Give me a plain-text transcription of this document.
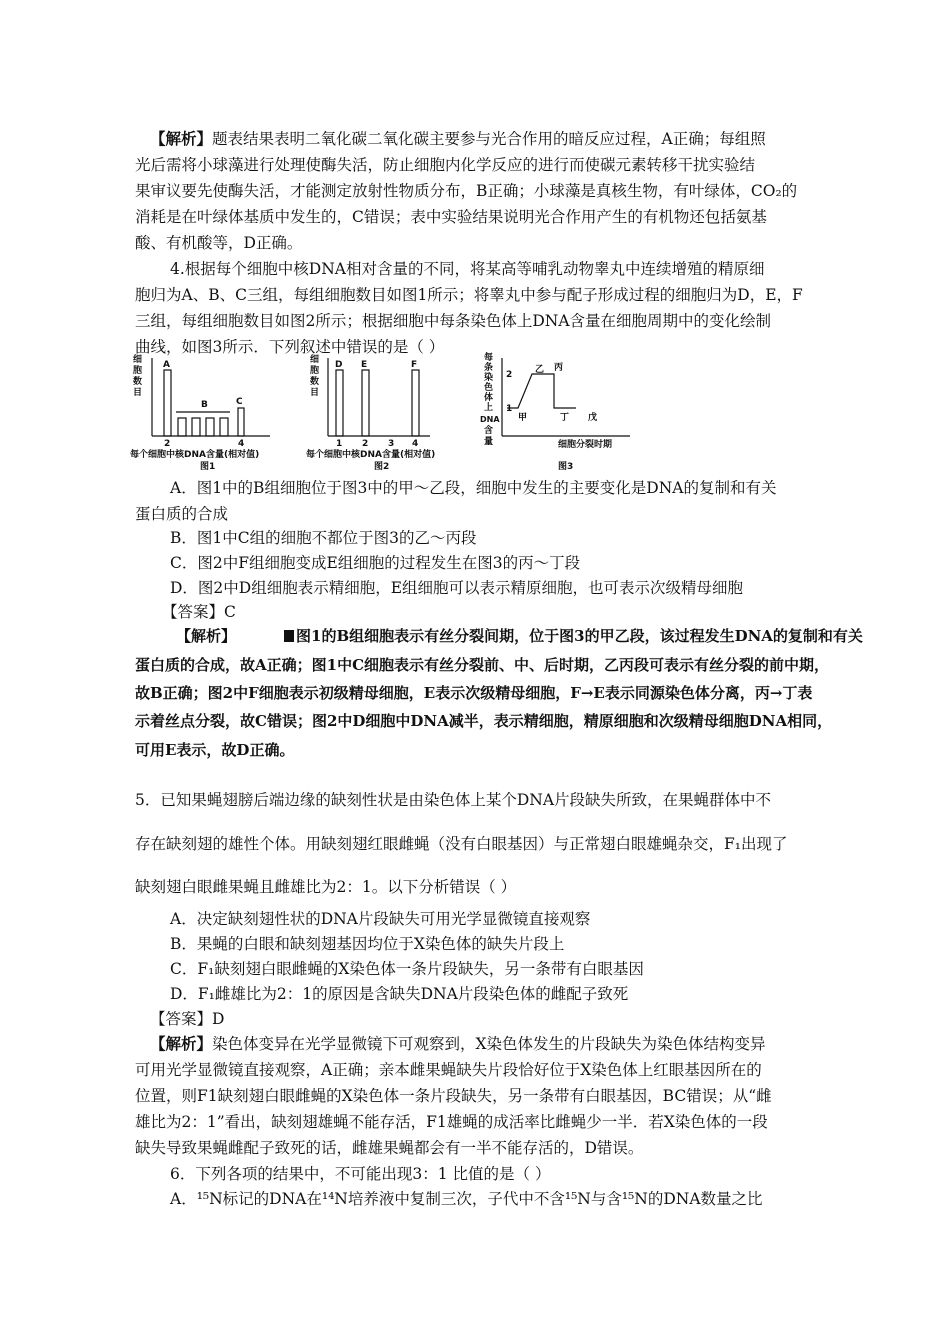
【解析】题表结果表明二氧化碳二氧化碳主要参与光合作用的暗反应过程，A正确；每组照
光后需将小球藻进行处理使酶失活，防止细胞内化学反应的进行而使碳元素转移干扰实验结
果审议要先使酶失活，才能测定放射性物质分布，B正确；小球藻是真核生物，有叶绿体，CO₂的
消耗是在叶绿体基质中发生的，C错误；表中实验结果说明光合作用产生的有机物还包括氨基
酸、有机酸等，D正确。
4.根据每个细胞中核DNA相对含量的不同，将某高等哺乳动物睾丸中连续增殖的精原细
胞归为A、B、C三组，每组细胞数目如图1所示；将睾丸中参与配子形成过程的细胞归为D，E，F
三组，每组细胞数目如图2所示；根据细胞中每条染色体上DNA含量在细胞周期中的变化绘制
曲线，如图3所示．下列叙述中错误的是（ ）
细
胞
数
目
A
B	C
2	4
每个细胞中核DNA含量(相对值)
图1
细
胞
数
目
D E	F
1 2 3 4
每个细胞中核DNA含量(相对值)
图2
每
条
染
色
体
上
DNA
含
量
2
1
甲
乙 丙
丁 戊
细胞分裂时期
图3
A．图1中的B组细胞位于图3中的甲～乙段，细胞中发生的主要变化是DNA的复制和有关
蛋白质的合成
B．图1中C组的细胞不都位于图3的乙～丙段
C．图2中F组细胞变成E组细胞的过程发生在图3的丙～丁段
D．图2中D组细胞表示精细胞，E组细胞可以表示精原细胞，也可表示次级精母细胞
【答案】C
【解析】	图1的B组细胞表示有丝分裂间期，位于图3的甲乙段，该过程发生DNA的复制和有关
蛋白质的合成，故A正确；图1中C细胞表示有丝分裂前、中、后时期，乙丙段可表示有丝分裂的前中期，
故B正确；图2中F细胞表示初级精母细胞，E表示次级精母细胞，F→E表示同源染色体分离，丙→丁表
示着丝点分裂，故C错误；图2中D细胞中DNA减半，表示精细胞，精原细胞和次级精母细胞DNA相同，
可用E表示，故D正确。
5．已知果蝇翅膀后端边缘的缺刻性状是由染色体上某个DNA片段缺失所致，在果蝇群体中不
存在缺刻翅的雄性个体。用缺刻翅红眼雌蝇（没有白眼基因）与正常翅白眼雄蝇杂交，F₁出现了
缺刻翅白眼雌果蝇且雌雄比为2：1。以下分析错误（ ）
A．决定缺刻翅性状的DNA片段缺失可用光学显微镜直接观察
B．果蝇的白眼和缺刻翅基因均位于X染色体的缺失片段上
C．F₁缺刻翅白眼雌蝇的X染色体一条片段缺失，另一条带有白眼基因
D．F₁雌雄比为2：1的原因是含缺失DNA片段染色体的雌配子致死
【答案】D
【解析】染色体变异在光学显微镜下可观察到，X染色体发生的片段缺失为染色体结构变异
可用光学显微镜直接观察，A正确；亲本雌果蝇缺失片段恰好位于X染色体上红眼基因所在的
位置，则F1缺刻翅白眼雌蝇的X染色体一条片段缺失，另一条带有白眼基因，BC错误；从“雌
雄比为2：1”看出，缺刻翅雄蝇不能存活，F1雄蝇的成活率比雌蝇少一半．若X染色体的一段
缺失导致果蝇雌配子致死的话，雌雄果蝇都会有一半不能存活的，D错误。
6．下列各项的结果中，不可能出现3：1 比值的是（ ）
A．¹⁵N标记的DNA在¹⁴N培养液中复制三次，子代中不含¹⁵N与含¹⁵N的DNA数量之比
